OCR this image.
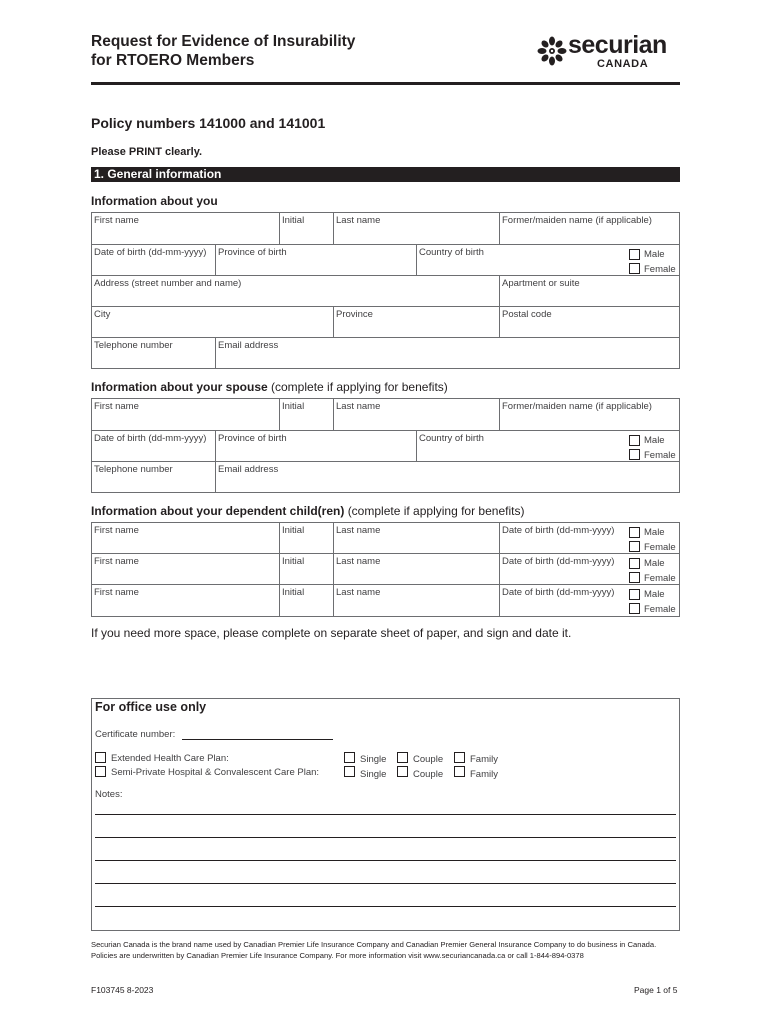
Request for Evidence of Insurability
for RTOERO Members
securian
CANADA
Policy numbers 141000 and 141001
Please PRINT clearly.
1. General information
Information about you
First name	Initial	Last name	Former/maiden name (if applicable)
Date of birth (dd-mm-yyyy)	Province of birth	Country of birth	Male
Female
Address (street number and name)	Apartment or suite
City	Province	Postal code
Telephone number	Email address
Information about your spouse (complete if applying for benefits)
First name	Initial	Last name	Former/maiden name (if applicable)
Date of birth (dd-mm-yyyy)	Province of birth	Country of birth	Male
Female
Telephone number	Email address
Information about your dependent child(ren) (complete if applying for benefits)
First name	Initial	Last name	Date of birth (dd-mm-yyyy)	Male
Female
First name	Initial	Last name	Date of birth (dd-mm-yyyy)	Male
Female
First name	Initial	Last name	Date of birth (dd-mm-yyyy)	Male
Female
If you need more space, please complete on separate sheet of paper, and sign and date it.
For office use only
Certificate number:
Extended Health Care Plan:
Semi-Private Hospital & Convalescent Care Plan:
Single	Couple	Family
Single	Couple	Family
Notes:
Securian Canada is the brand name used by Canadian Premier Life Insurance Company and Canadian Premier General Insurance Company to do business in Canada. Policies are underwritten by Canadian Premier Life Insurance Company. For more information visit www.securiancanada.ca or call 1-844-894-0378
F103745 8-2023	Page 1 of 5
